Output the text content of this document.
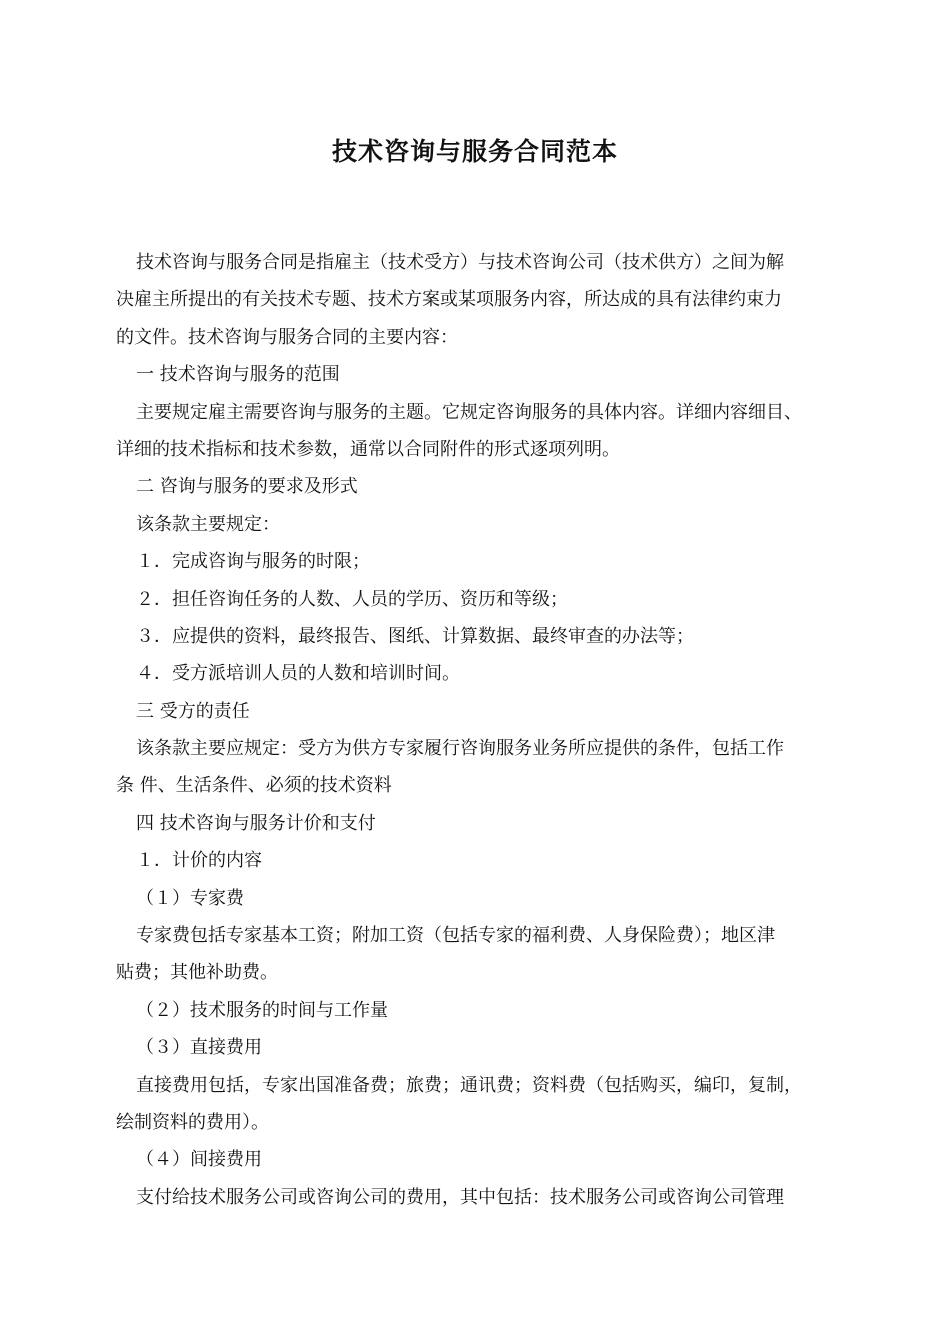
技术咨询与服务合同范本
技术咨询与服务合同是指雇主（技术受方）与技术咨询公司（技术供方）之间为解
决雇主所提出的有关技术专题、技术方案或某项服务内容，所达成的具有法律约束力
的文件。技术咨询与服务合同的主要内容：
一 技术咨询与服务的范围
主要规定雇主需要咨询与服务的主题。它规定咨询服务的具体内容。详细内容细目、
详细的技术指标和技术参数，通常以合同附件的形式逐项列明。
二 咨询与服务的要求及形式
该条款主要规定：
１．完成咨询与服务的时限；
２．担任咨询任务的人数、人员的学历、资历和等级；
３．应提供的资料，最终报告、图纸、计算数据、最终审查的办法等；
４．受方派培训人员的人数和培训时间。
三 受方的责任
该条款主要应规定：受方为供方专家履行咨询服务业务所应提供的条件，包括工作
条 件、生活条件、必须的技术资料
四 技术咨询与服务计价和支付
１．计价的内容
（１）专家费
专家费包括专家基本工资；附加工资（包括专家的福利费、人身保险费）；地区津
贴费；其他补助费。
（２）技术服务的时间与工作量
（３）直接费用
直接费用包括，专家出国准备费；旅费；通讯费；资料费（包括购买，编印，复制，
绘制资料的费用）。
（４）间接费用
支付给技术服务公司或咨询公司的费用，其中包括：技术服务公司或咨询公司管理
